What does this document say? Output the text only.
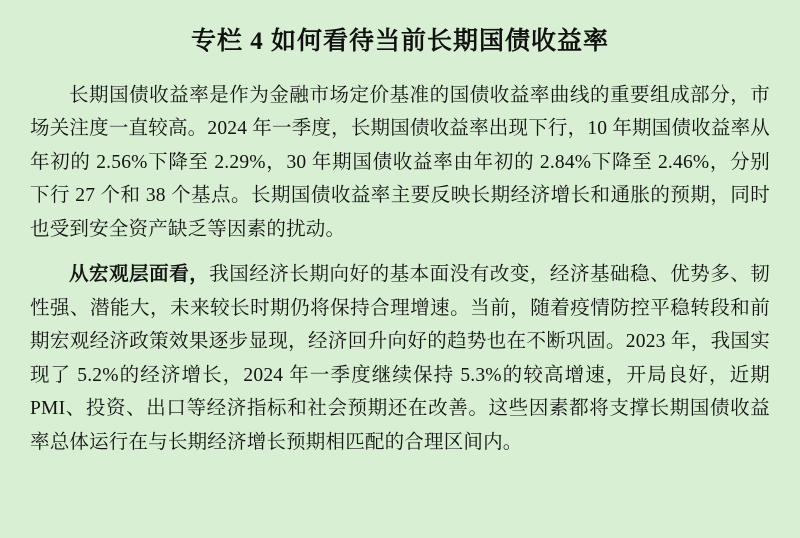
专栏 4 如何看待当前长期国债收益率

长期国债收益率是作为金融市场定价基准的国债收益率曲线的重要组成部分，市场关注度一直较高。2024 年一季度，长期国债收益率出现下行，10 年期国债收益率从年初的 2.56%下降至 2.29%，30 年期国债收益率由年初的 2.84%下降至 2.46%，分别下行 27 个和 38 个基点。长期国债收益率主要反映长期经济增长和通胀的预期，同时也受到安全资产缺乏等因素的扰动。

从宏观层面看，我国经济长期向好的基本面没有改变，经济基础稳、优势多、韧性强、潜能大，未来较长时期仍将保持合理增速。当前，随着疫情防控平稳转段和前期宏观经济政策效果逐步显现，经济回升向好的趋势也在不断巩固。2023 年，我国实现了 5.2%的经济增长，2024 年一季度继续保持 5.3%的较高增速，开局良好，近期 PMI、投资、出口等经济指标和社会预期还在改善。这些因素都将支撑长期国债收益率总体运行在与长期经济增长预期相匹配的合理区间内。
